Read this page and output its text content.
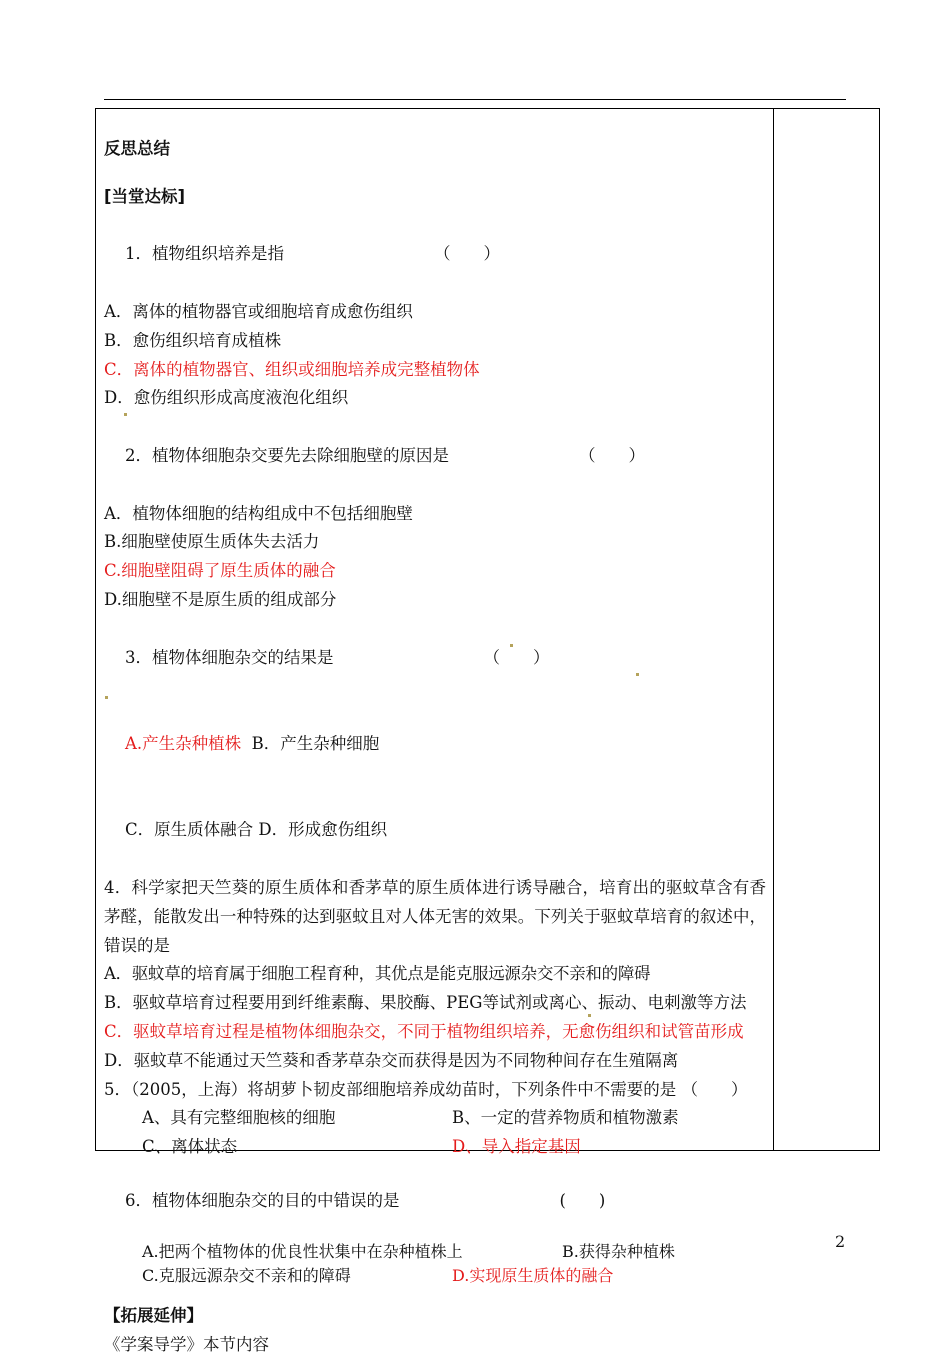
反思总结
[当堂达标]

1．植物组织培养是指	（　　）

A．离体的植物器官或细胞培育成愈伤组织
B．愈伤组织培育成植株
C．离体的植物器官、组织或细胞培养成完整植物体
D．愈伤组织形成高度液泡化组织

2．植物体细胞杂交要先去除细胞壁的原因是	（　　）

A．植物体细胞的结构组成中不包括细胞壁
B.细胞壁使原生质体失去活力
C.细胞壁阻碍了原生质体的融合
D.细胞壁不是原生质的组成部分

3．植物体细胞杂交的结果是	（　　）

A.产生杂种植株 B．产生杂种细胞

C．原生质体融合 D．形成愈伤组织

4．科学家把天竺葵的原生质体和香茅草的原生质体进行诱导融合，培育出的驱蚊草含有香茅醛，能散发出一种特殊的达到驱蚊且对人体无害的效果。下列关于驱蚊草培育的叙述中，错误的是
A．驱蚊草的培育属于细胞工程育种，其优点是能克服远源杂交不亲和的障碍
B．驱蚊草培育过程要用到纤维素酶、果胶酶、PEG等试剂或离心、振动、电刺激等方法
C．驱蚊草培育过程是植物体细胞杂交，不同于植物组织培养，无愈伤组织和试管苗形成
D．驱蚊草不能通过天竺葵和香茅草杂交而获得是因为不同物种间存在生殖隔离
5．（2005，上海）将胡萝卜韧皮部细胞培养成幼苗时，下列条件中不需要的是 （　　）
A、具有完整细胞核的细胞	B、一定的营养物质和植物激素
C、离体状态	D、导入指定基因

6．植物体细胞杂交的目的中错误的是	(　　)

A.把两个植物体的优良性状集中在杂种植株上	B.获得杂种植株
C.克服远源杂交不亲和的障碍	D.实现原生质体的融合
【拓展延伸】
《学案导学》本节内容
2
